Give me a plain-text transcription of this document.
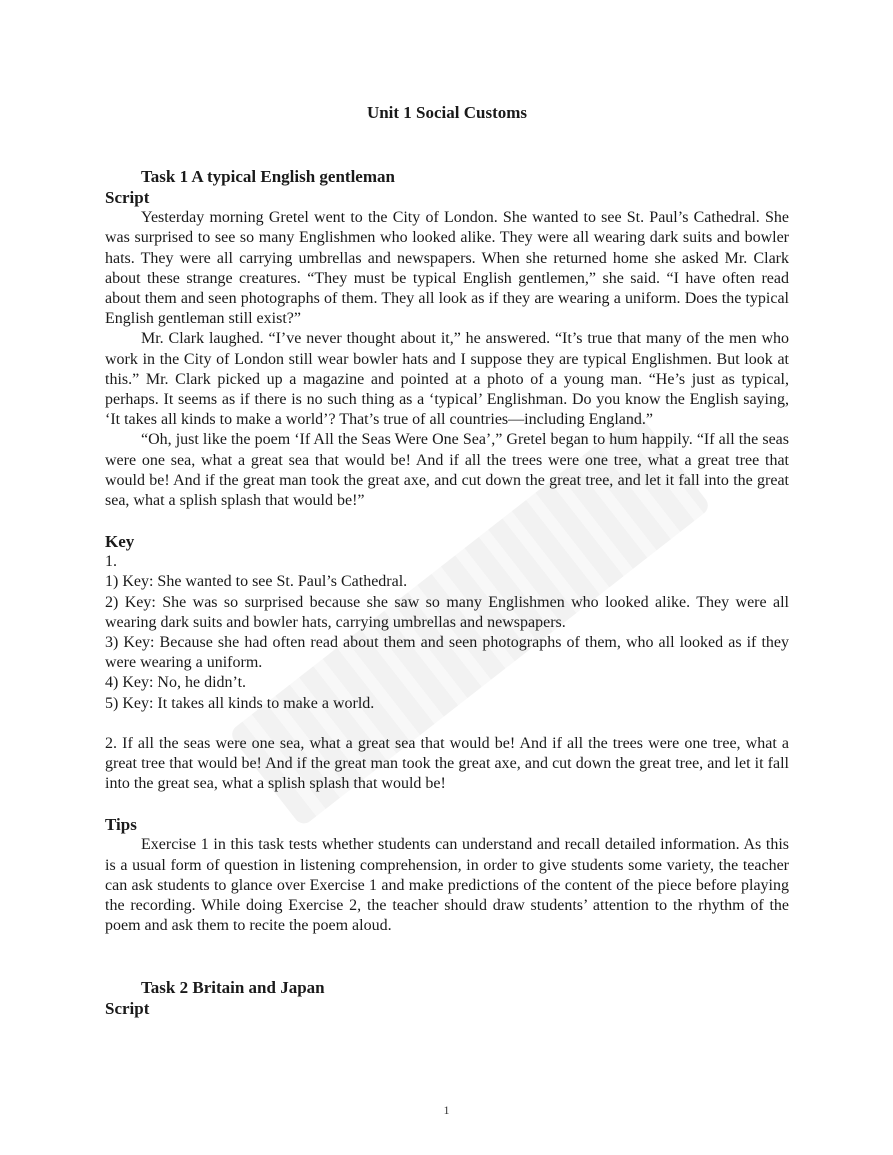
Unit 1 Social Customs
Task 1 A typical English gentleman
Script

Yesterday morning Gretel went to the City of London. She wanted to see St. Paul’s Cathedral. She was surprised to see so many Englishmen who looked alike. They were all wearing dark suits and bowler hats. They were all carrying umbrellas and newspapers. When she returned home she asked Mr. Clark about these strange creatures. “They must be typical English gentlemen,” she said. “I have often read about them and seen photographs of them. They all look as if they are wearing a uniform. Does the typical English gentleman still exist?”

Mr. Clark laughed. “I’ve never thought about it,” he answered. “It’s true that many of the men who work in the City of London still wear bowler hats and I suppose they are typical Englishmen. But look at this.” Mr. Clark picked up a magazine and pointed at a photo of a young man. “He’s just as typical, perhaps. It seems as if there is no such thing as a ‘typical’ Englishman. Do you know the English saying, ‘It takes all kinds to make a world’? That’s true of all countries—including England.”

“Oh, just like the poem ‘If All the Seas Were One Sea’,” Gretel began to hum happily. “If all the seas were one sea, what a great sea that would be! And if all the trees were one tree, what a great tree that would be! And if the great man took the great axe, and cut down the great tree, and let it fall into the great sea, what a splish splash that would be!”

Key

1.

1) Key: She wanted to see St. Paul’s Cathedral.

2) Key: She was so surprised because she saw so many Englishmen who looked alike. They were all wearing dark suits and bowler hats, carrying umbrellas and newspapers.

3) Key: Because she had often read about them and seen photographs of them, who all looked as if they were wearing a uniform.

4) Key: No, he didn’t.

5) Key: It takes all kinds to make a world.

2. If all the seas were one sea, what a great sea that would be! And if all the trees were one tree, what a great tree that would be! And if the great man took the great axe, and cut down the great tree, and let it fall into the great sea, what a splish splash that would be!

Tips

Exercise 1 in this task tests whether students can understand and recall detailed information. As this is a usual form of question in listening comprehension, in order to give students some variety, the teacher can ask students to glance over Exercise 1 and make predictions of the content of the piece before playing the recording. While doing Exercise 2, the teacher should draw students’ attention to the rhythm of the poem and ask them to recite the poem aloud.

Task 2 Britain and Japan
Script
1
